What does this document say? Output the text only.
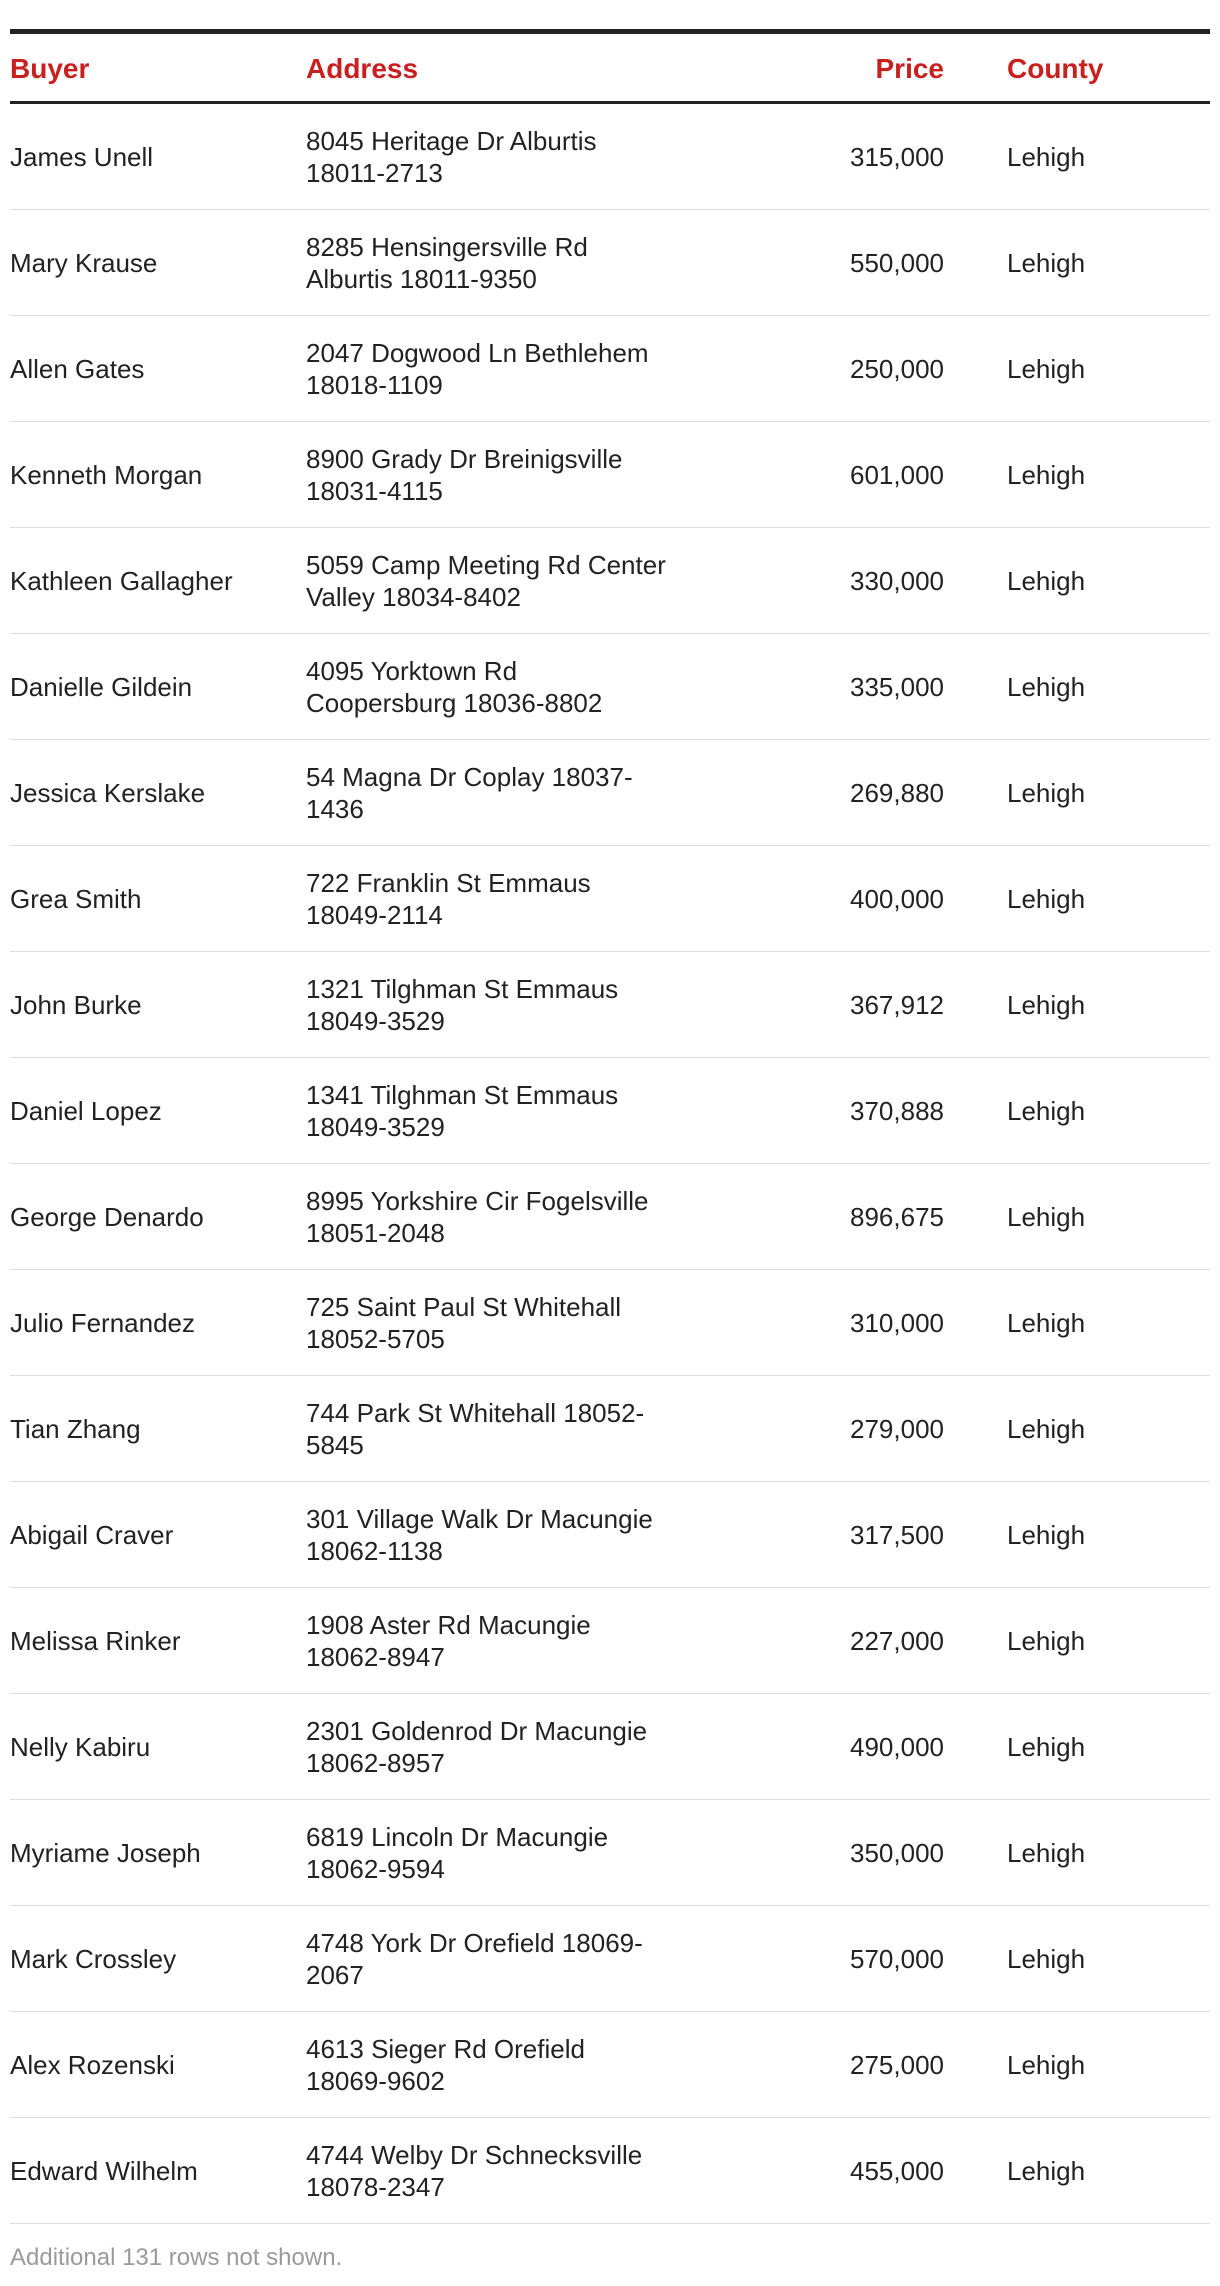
Buyer	Address	Price County
James Unell
8045 Heritage Dr Alburtis 18011-2713
315,000 Lehigh
Mary Krause
8285 Hensingersville Rd Alburtis 18011-9350
550,000 Lehigh
Allen Gates
2047 Dogwood Ln Bethlehem 18018-1109
250,000 Lehigh
Kenneth Morgan
8900 Grady Dr Breinigsville 18031-4115
601,000 Lehigh
Kathleen Gallagher
5059 Camp Meeting Rd Center Valley 18034-8402
330,000 Lehigh
Danielle Gildein
4095 Yorktown Rd Coopersburg 18036-8802
335,000 Lehigh
Jessica Kerslake
54 Magna Dr Coplay 18037-1436
269,880 Lehigh
Grea Smith
722 Franklin St Emmaus 18049-2114
400,000 Lehigh
John Burke
1321 Tilghman St Emmaus 18049-3529
367,912 Lehigh
Daniel Lopez
1341 Tilghman St Emmaus 18049-3529
370,888 Lehigh
George Denardo
8995 Yorkshire Cir Fogelsville 18051-2048
896,675 Lehigh
Julio Fernandez
725 Saint Paul St Whitehall 18052-5705
310,000 Lehigh
Tian Zhang
744 Park St Whitehall 18052-5845
279,000 Lehigh
Abigail Craver
301 Village Walk Dr Macungie 18062-1138
317,500 Lehigh
Melissa Rinker
1908 Aster Rd Macungie 18062-8947
227,000 Lehigh
Nelly Kabiru
2301 Goldenrod Dr Macungie 18062-8957
490,000 Lehigh
Myriame Joseph
6819 Lincoln Dr Macungie 18062-9594
350,000 Lehigh
Mark Crossley
4748 York Dr Orefield 18069-2067
570,000 Lehigh
Alex Rozenski
4613 Sieger Rd Orefield 18069-9602
275,000 Lehigh
Edward Wilhelm
4744 Welby Dr Schnecksville 18078-2347
455,000 Lehigh
Additional 131 rows not shown.
